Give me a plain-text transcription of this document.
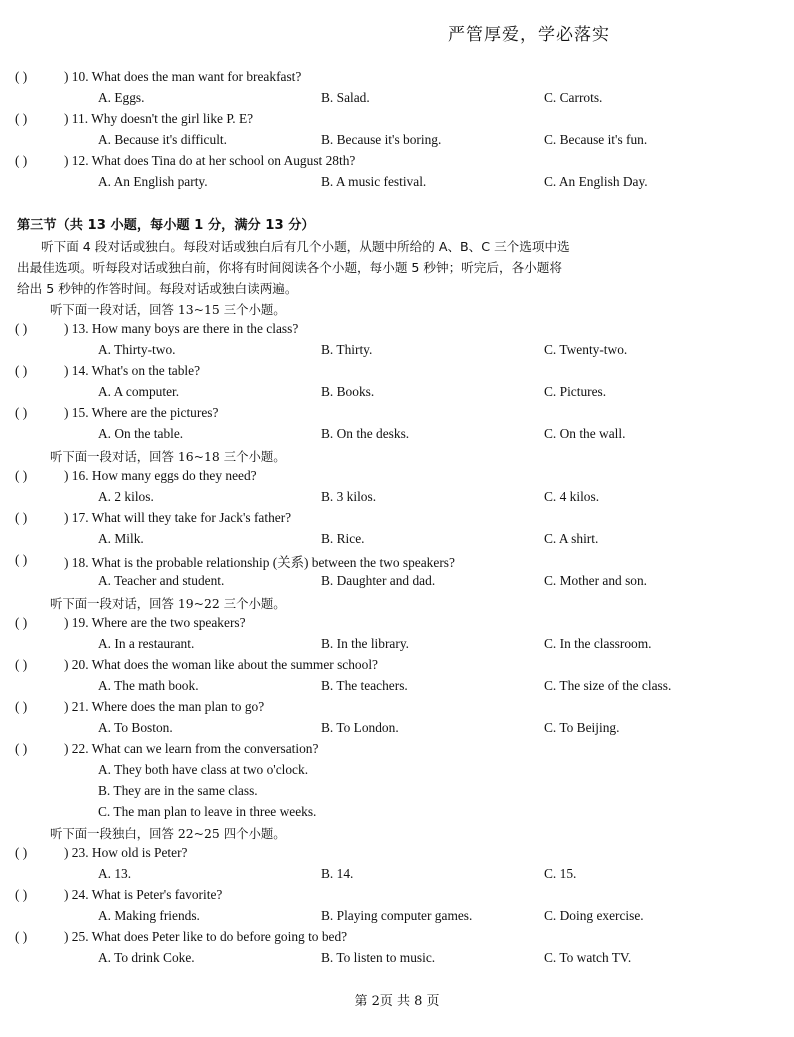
严管厚爱，学必落实
( )	) 10. What does the man want for breakfast?
A. Eggs.	B. Salad.	C. Carrots.
( )	) 11. Why doesn't the girl like P. E?
A. Because it's difficult.	B. Because it's boring.	C. Because it's fun.
( )	) 12. What does Tina do at her school on August 28th?
A. An English party.	B. A music festival.	C. An English Day.
第三节（共 13 小题，每小题 1 分，满分 13 分）
听下面 4 段对话或独白。每段对话或独白后有几个小题，从题中所给的 A、B、C 三个选项中选
出最佳选项。听每段对话或独白前，你将有时间阅读各个小题，每小题 5 秒钟；听完后，各小题将
给出 5 秒钟的作答时间。每段对话或独白读两遍。
听下面一段对话，回答 13~15 三个小题。
( )	) 13. How many boys are there in the class?
A. Thirty-two.	B. Thirty.	C. Twenty-two.
( )	) 14. What's on the table?
A. A computer.	B. Books.	C. Pictures.
( )	) 15. Where are the pictures?
A. On the table.	B. On the desks.	C. On the wall.
听下面一段对话，回答 16~18 三个小题。
( )	) 16. How many eggs do they need?
A. 2 kilos.	B. 3 kilos.	C. 4 kilos.
( )	) 17. What will they take for Jack's father?
A. Milk.	B. Rice.	C. A shirt.
( )	) 18. What is the probable relationship (关系) between the two speakers?
A. Teacher and student.	B. Daughter and dad.	C. Mother and son.
听下面一段对话，回答 19~22 三个小题。
( )	) 19. Where are the two speakers?
A. In a restaurant.	B. In the library.	C. In the classroom.
( )	) 20. What does the woman like about the summer school?
A. The math book.	B. The teachers.	C. The size of the class.
( )	) 21. Where does the man plan to go?
A. To Boston.	B. To London.	C. To Beijing.
( )	) 22. What can we learn from the conversation?
A. They both have class at two o'clock.
B. They are in the same class.
C. The man plan to leave in three weeks.
听下面一段独白，回答 22~25 四个小题。
( )	) 23. How old is Peter?
A. 13.	B. 14.	C. 15.
( )	) 24. What is Peter's favorite?
A. Making friends.	B. Playing computer games.	C. Doing exercise.
( )	) 25. What does Peter like to do before going to bed?
A. To drink Coke.	B. To listen to music.	C. To watch TV.
第 2页 共 8 页
